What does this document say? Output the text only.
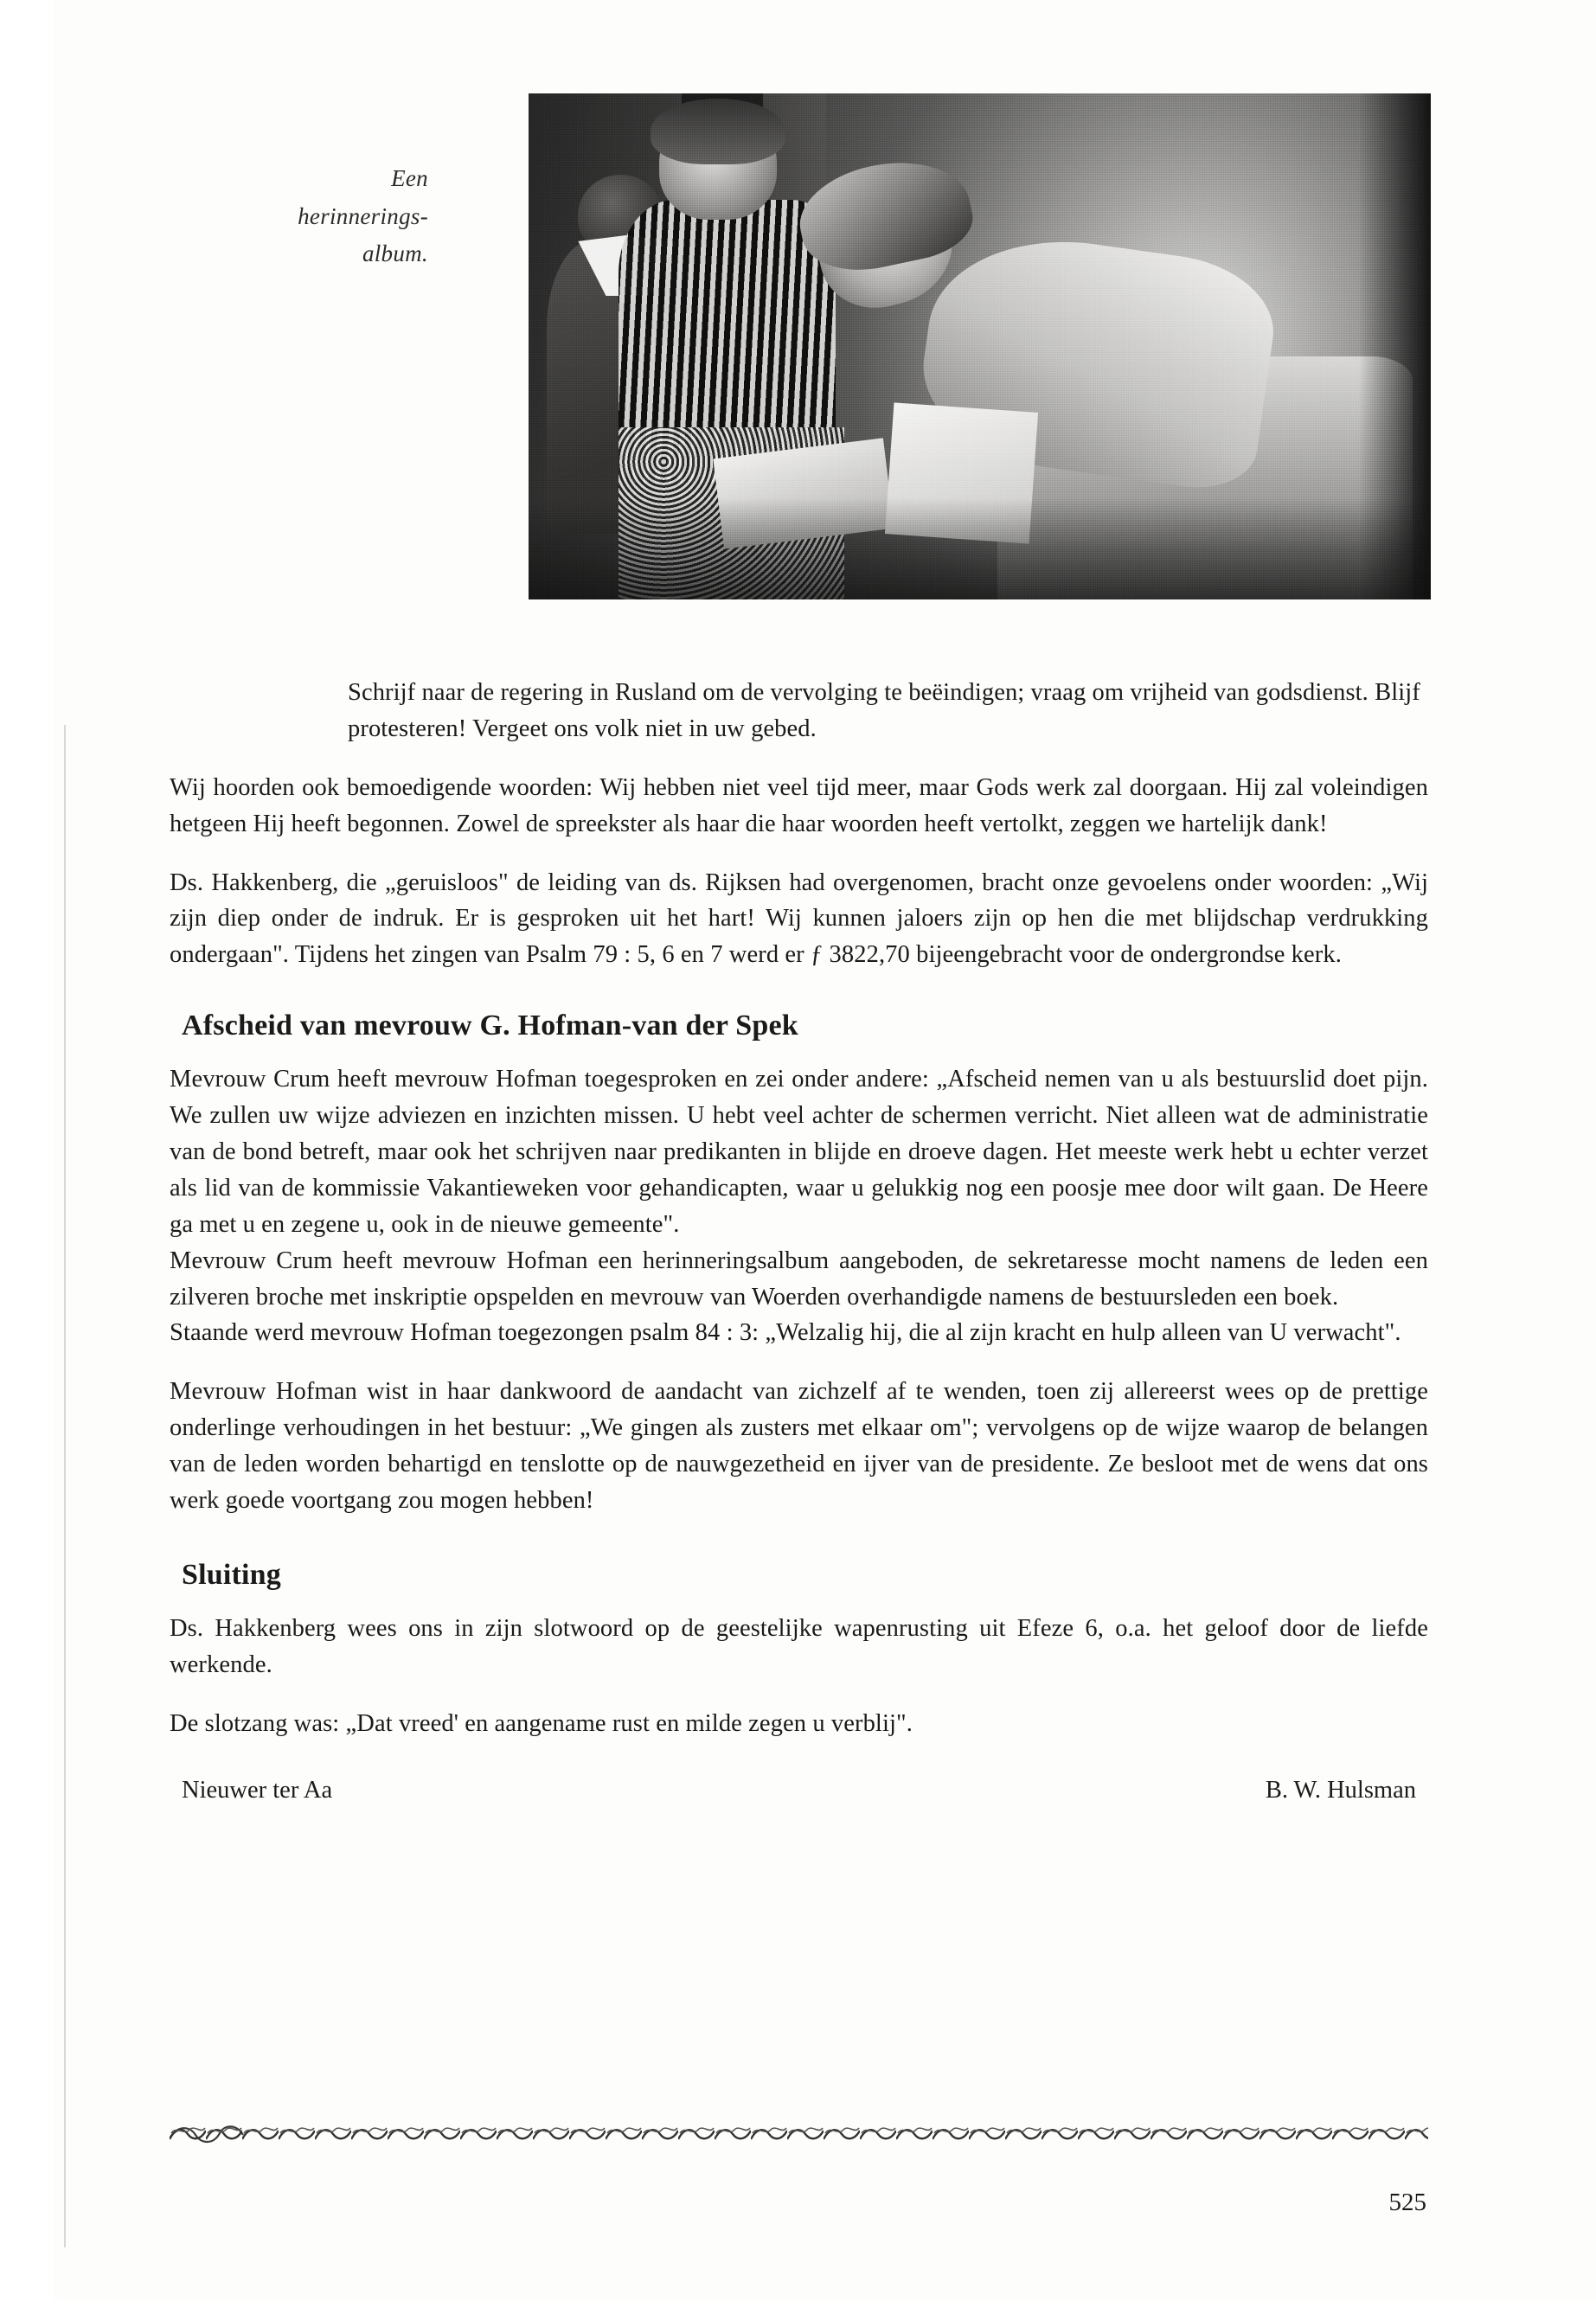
Een
herinnerings-
album.

Schrijf naar de regering in Rusland om de vervolging te beëindigen; vraag om vrijheid van godsdienst. Blijf protesteren! Vergeet ons volk niet in uw gebed.

Wij hoorden ook bemoedigende woorden: Wij hebben niet veel tijd meer, maar Gods werk zal doorgaan. Hij zal voleindigen hetgeen Hij heeft begonnen. Zowel de spreekster als haar die haar woorden heeft vertolkt, zeggen we hartelijk dank!

Ds. Hakkenberg, die „geruisloos" de leiding van ds. Rijksen had overgenomen, bracht onze gevoelens onder woorden: „Wij zijn diep onder de indruk. Er is gesproken uit het hart! Wij kunnen jaloers zijn op hen die met blijdschap verdrukking ondergaan". Tijdens het zingen van Psalm 79 : 5, 6 en 7 werd er ƒ 3822,70 bijeengebracht voor de ondergrondse kerk.

Afscheid van mevrouw G. Hofman-van der Spek

Mevrouw Crum heeft mevrouw Hofman toegesproken en zei onder andere: „Afscheid nemen van u als bestuurslid doet pijn. We zullen uw wijze adviezen en inzichten missen. U hebt veel achter de schermen verricht. Niet alleen wat de administratie van de bond betreft, maar ook het schrijven naar predikanten in blijde en droeve dagen. Het meeste werk hebt u echter verzet als lid van de kommissie Vakantieweken voor gehandicapten, waar u gelukkig nog een poosje mee door wilt gaan. De Heere ga met u en zegene u, ook in de nieuwe gemeente".

Mevrouw Crum heeft mevrouw Hofman een herinneringsalbum aangeboden, de sekretaresse mocht namens de leden een zilveren broche met inskriptie opspelden en mevrouw van Woerden overhandigde namens de bestuursleden een boek.

Staande werd mevrouw Hofman toegezongen psalm 84 : 3: „Welzalig hij, die al zijn kracht en hulp alleen van U verwacht".

Mevrouw Hofman wist in haar dankwoord de aandacht van zichzelf af te wenden, toen zij allereerst wees op de prettige onderlinge verhoudingen in het bestuur: „We gingen als zusters met elkaar om"; vervolgens op de wijze waarop de belangen van de leden worden behartigd en tenslotte op de nauwgezetheid en ijver van de presidente. Ze besloot met de wens dat ons werk goede voortgang zou mogen hebben!

Sluiting

Ds. Hakkenberg wees ons in zijn slotwoord op de geestelijke wapenrusting uit Efeze 6, o.a. het geloof door de liefde werkende.

De slotzang was: „Dat vreed' en aangename rust en milde zegen u verblij".

Nieuwer ter Aa	B. W. Hulsman
525
